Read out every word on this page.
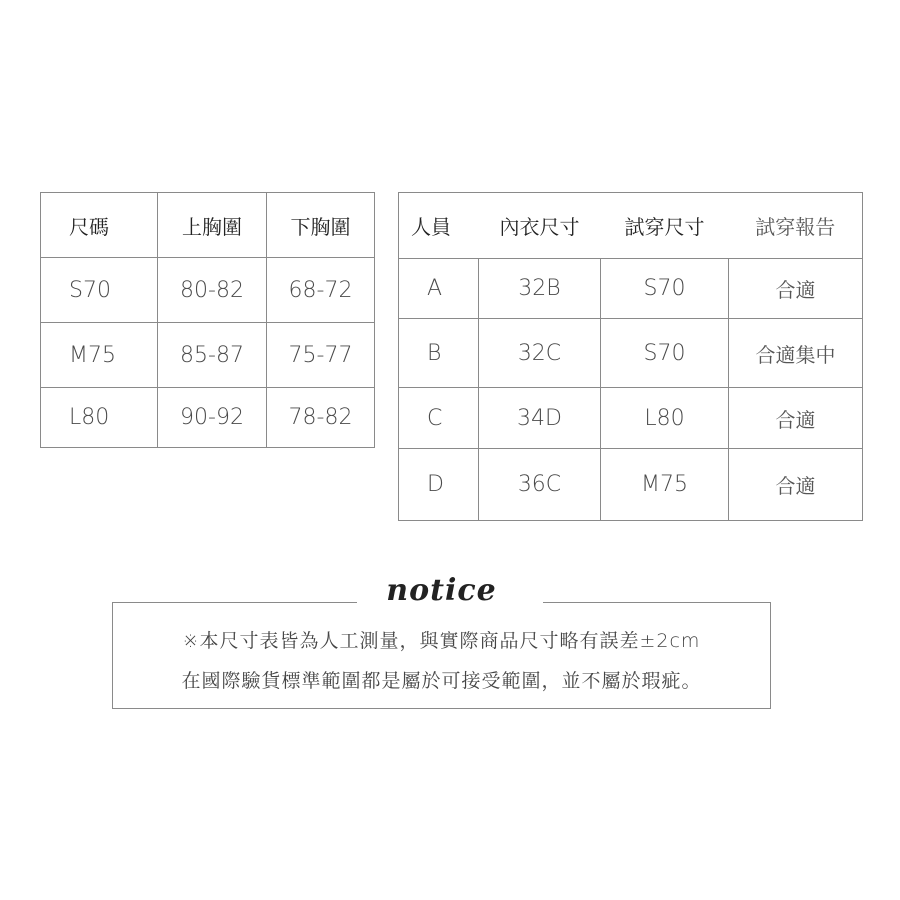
尺碼	上胸圍	下胸圍
S70	80-82	68-72
M75	85-87	75-77
L80	90-92	78-82
人員	內衣尺寸	試穿尺寸	試穿報告
A	32B	S70	合適
B	32C	S70	合適集中
C	34D	L80	合適
D	36C	M75	合適
notice
※本尺寸表皆為人工測量，與實際商品尺寸略有誤差±2cm
在國際驗貨標準範圍都是屬於可接受範圍，並不屬於瑕疵。
